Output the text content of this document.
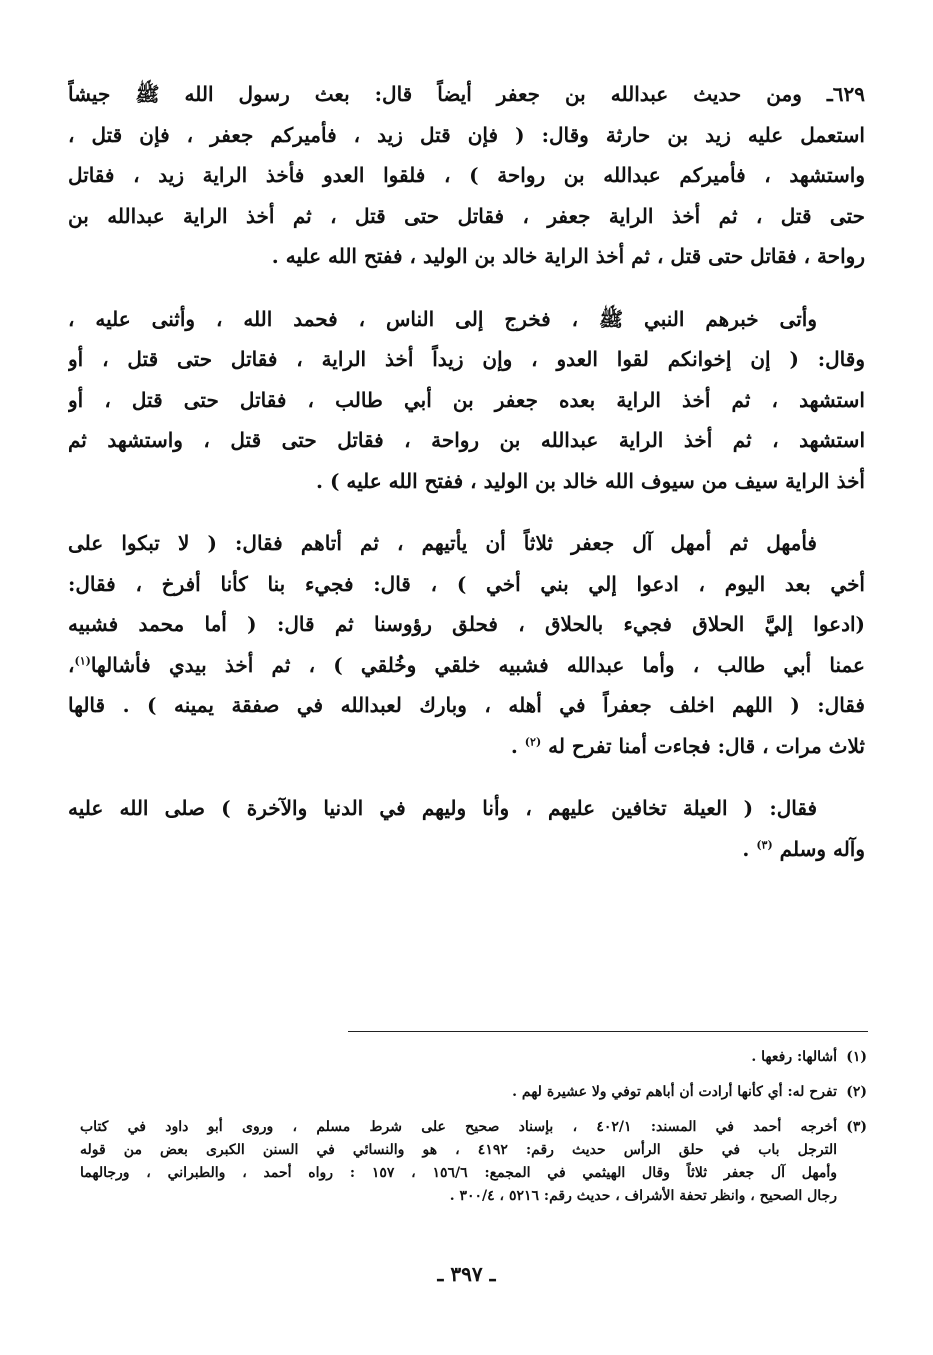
٦٢٩ـ ومن حديث عبدالله بن جعفر أيضاً قال: بعث رسول الله ﷺ جيشاً
استعمل عليه زيد بن حارثة وقال: ( فإن قتل زيد ، فأميركم جعفر ، فإن قتل ،
واستشهد ، فأميركم عبدالله بن رواحة ) ، فلقوا العدو فأخذ الراية زيد ، فقاتل
حتى قتل ، ثم أخذ الراية جعفر ، فقاتل حتى قتل ، ثم أخذ الراية عبدالله بن
رواحة ، فقاتل حتى قتل ، ثم أخذ الراية خالد بن الوليد ، ففتح الله عليه .

وأتى خبرهم النبي ﷺ ، فخرج إلى الناس ، فحمد الله ، وأثنى عليه ،
وقال: ( إن إخوانكم لقوا العدو ، وإن زيداً أخذ الراية ، فقاتل حتى قتل ، أو
استشهد ، ثم أخذ الراية بعده جعفر بن أبي طالب ، فقاتل حتى قتل ، أو
استشهد ، ثم أخذ الراية عبدالله بن رواحة ، فقاتل حتى قتل ، واستشهد ثم
أخذ الراية سيف من سيوف الله خالد بن الوليد ، ففتح الله عليه ) .

فأمهل ثم أمهل آل جعفر ثلاثاً أن يأتيهم ، ثم أتاهم فقال: ( لا تبكوا على
أخي بعد اليوم ، ادعوا إلي بني أخي ) ، قال: فجيء بنا كأنا أفرخ ، فقال:
(ادعوا إليَّ الحلاق فجيء بالحلاق ، فحلق رؤوسنا ثم قال: ( أما محمد فشبيه
عمنا أبي طالب ، وأما عبدالله فشبيه خلقي وخُلقي ) ، ثم أخذ بيدي فأشالها$^{(١)}$،
فقال: ( اللهم اخلف جعفراً في أهله ، وبارك لعبدالله في صفقة يمينه ) . قالها
ثلاث مرات ، قال: فجاءت أمنا تفرح له $^{(٢)}$ .

فقال: ( العيلة تخافين عليهم ، وأنا وليهم في الدنيا والآخرة ) صلى الله عليه
وآله وسلم $^{(٣)}$ .

(١)
أشالها: رفعها .
(٢)
تفرح له: أي كأنها أرادت أن أباهم توفي ولا عشيرة لهم .
(٣)
أخرجه أحمد في المسند: ٤٠٢/١ ، بإسناد صحيح على شرط مسلم ، وروى أبو داود في كتاب
الترجل باب في حلق الرأس حديث رقم: ٤١٩٢ ، هو والنسائي في السنن الكبرى بعض من قوله
وأمهل آل جعفر ثلاثاً وقال الهيثمي في المجمع: ١٥٦/٦ ، ١٥٧ : رواه أحمد ، والطبراني ، ورجالهما
رجال الصحيح ، وانظر تحفة الأشراف ، حديث رقم: ٥٢١٦ ، ٣٠٠/٤ .
ـ ٣٩٧ ـ
